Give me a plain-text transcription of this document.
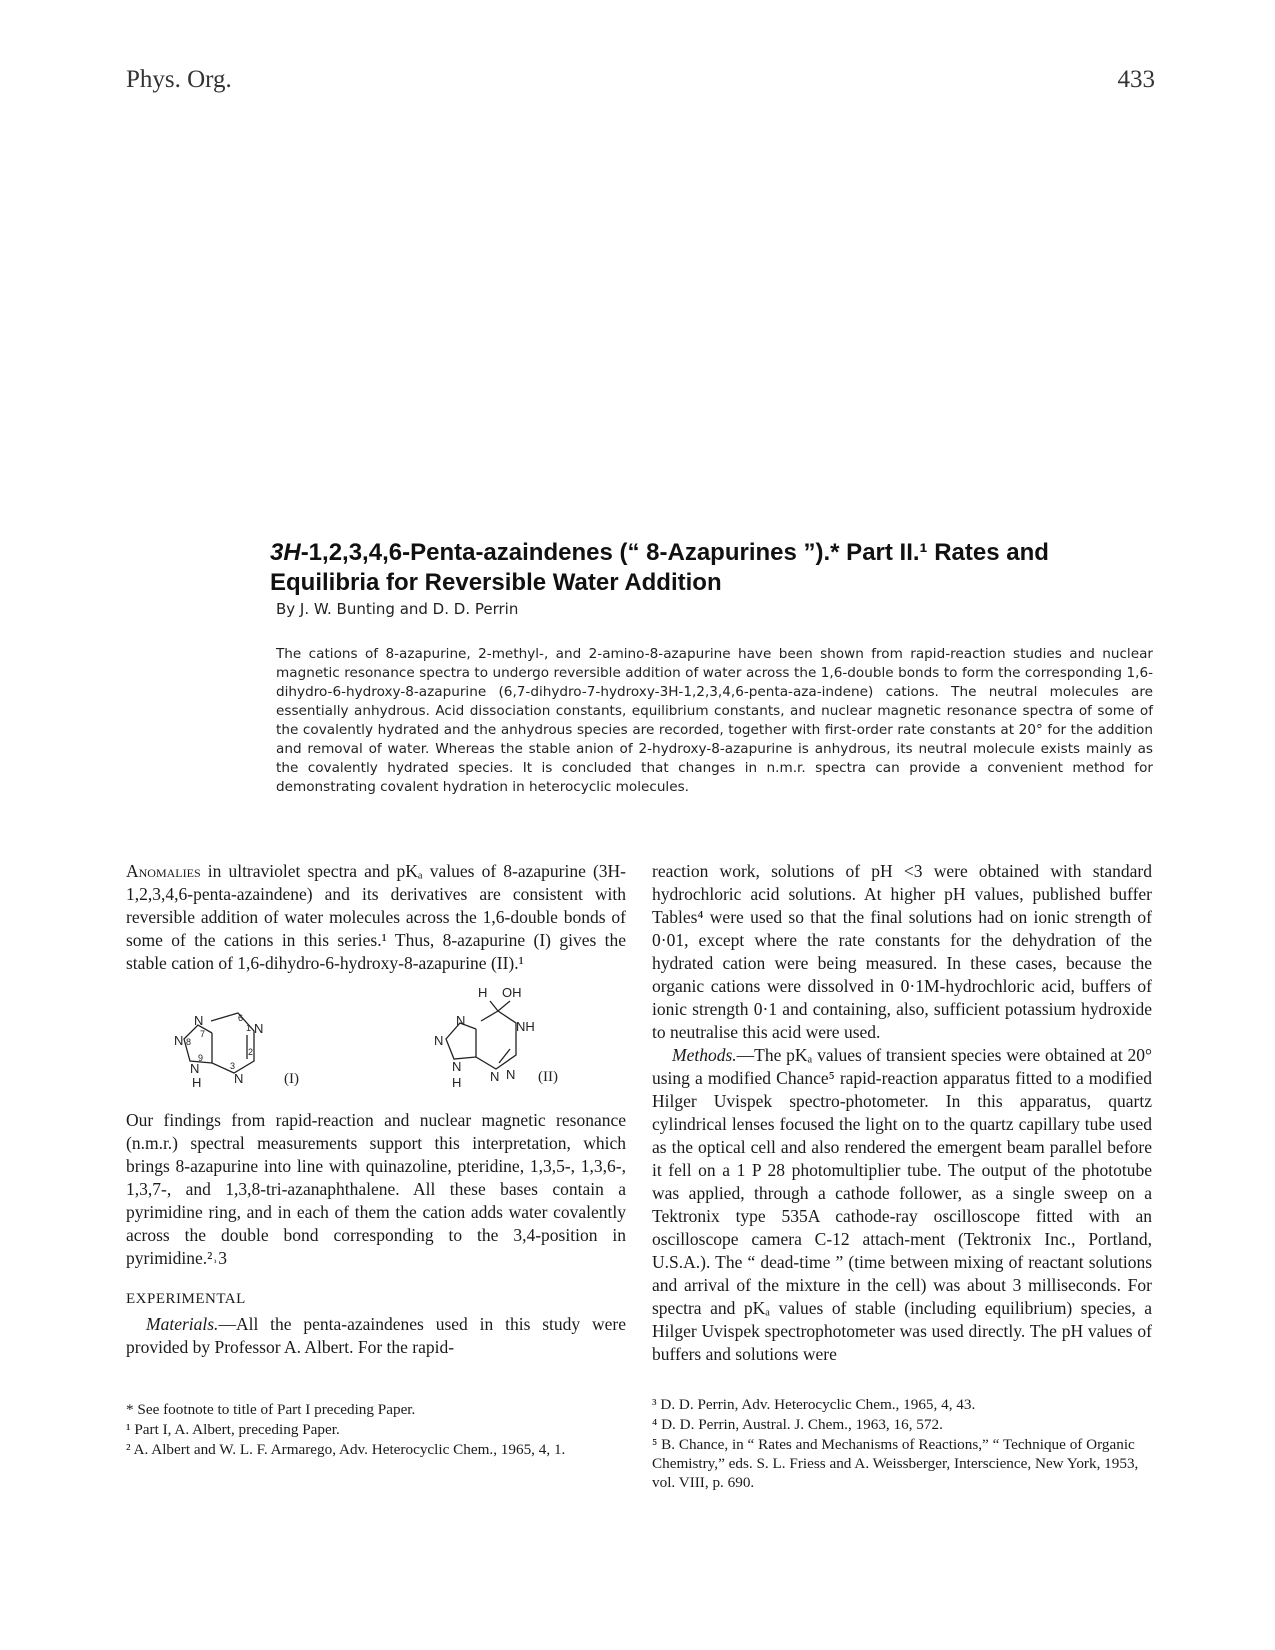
Phys. Org.	433
3H-1,2,3,4,6-Penta-azaindenes (“ 8-Azapurines ”).* Part II.¹ Rates and Equilibria for Reversible Water Addition
By J. W. Bunting and D. D. Perrin

The cations of 8-azapurine, 2-methyl-, and 2-amino-8-azapurine have been shown from rapid-reaction studies and nuclear magnetic resonance spectra to undergo reversible addition of water across the 1,6-double bonds to form the corresponding 1,6-dihydro-6-hydroxy-8-azapurine (6,7-dihydro-7-hydroxy-3H-1,2,3,4,6-penta-aza-indene) cations. The neutral molecules are essentially anhydrous. Acid dissociation constants, equilibrium constants, and nuclear magnetic resonance spectra of some of the covalently hydrated and the anhydrous species are recorded, together with first-order rate constants at 20° for the addition and removal of water. Whereas the stable anion of 2-hydroxy-8-azapurine is anhydrous, its neutral molecule exists mainly as the covalently hydrated species. It is concluded that changes in n.m.r. spectra can provide a convenient method for demonstrating covalent hydration in heterocyclic molecules.

Anomalies in ultraviolet spectra and pKₐ values of 8-azapurine (3H-1,2,3,4,6-penta-azaindene) and its derivatives are consistent with reversible addition of water molecules across the 1,6-double bonds of some of the cations in this series.¹ Thus, 8-azapurine (I) gives the stable cation of 1,6-dihydro-6-hydroxy-8-azapurine (II).¹

N
N
N
N
N
H
6
1
2
3
7
8
9
(I)
N
N
N
NH
N N
H
H OH
(II)

Our findings from rapid-reaction and nuclear magnetic resonance (n.m.r.) spectral measurements support this interpretation, which brings 8-azapurine into line with quinazoline, pteridine, 1,3,5-, 1,3,6-, 1,3,7-, and 1,3,8-tri-azanaphthalene. All these bases contain a pyrimidine ring, and in each of them the cation adds water covalently across the double bond corresponding to the 3,4-position in pyrimidine.²˒3

EXPERIMENTAL

Materials.—All the penta-azaindenes used in this study were provided by Professor A. Albert. For the rapid-

reaction work, solutions of pH <3 were obtained with standard hydrochloric acid solutions. At higher pH values, published buffer Tables⁴ were used so that the final solutions had on ionic strength of 0·01, except where the rate constants for the dehydration of the hydrated cation were being measured. In these cases, because the organic cations were dissolved in 0·1M-hydrochloric acid, buffers of ionic strength 0·1 and containing, also, sufficient potassium hydroxide to neutralise this acid were used.

Methods.—The pKₐ values of transient species were obtained at 20° using a modified Chance⁵ rapid-reaction apparatus fitted to a modified Hilger Uvispek spectro-photometer. In this apparatus, quartz cylindrical lenses focused the light on to the quartz capillary tube used as the optical cell and also rendered the emergent beam parallel before it fell on a 1 P 28 photomultiplier tube. The output of the phototube was applied, through a cathode follower, as a single sweep on a Tektronix type 535A cathode-ray oscilloscope fitted with an oscilloscope camera C-12 attach-ment (Tektronix Inc., Portland, U.S.A.). The “ dead-time ” (time between mixing of reactant solutions and arrival of the mixture in the cell) was about 3 milliseconds. For spectra and pKₐ values of stable (including equilibrium) species, a Hilger Uvispek spectrophotometer was used directly. The pH values of buffers and solutions were

* See footnote to title of Part I preceding Paper.

¹ Part I, A. Albert, preceding Paper.

² A. Albert and W. L. F. Armarego, Adv. Heterocyclic Chem., 1965, 4, 1.

³ D. D. Perrin, Adv. Heterocyclic Chem., 1965, 4, 43.

⁴ D. D. Perrin, Austral. J. Chem., 1963, 16, 572.

⁵ B. Chance, in “ Rates and Mechanisms of Reactions,” “ Technique of Organic Chemistry,” eds. S. L. Friess and A. Weissberger, Interscience, New York, 1953, vol. VIII, p. 690.
